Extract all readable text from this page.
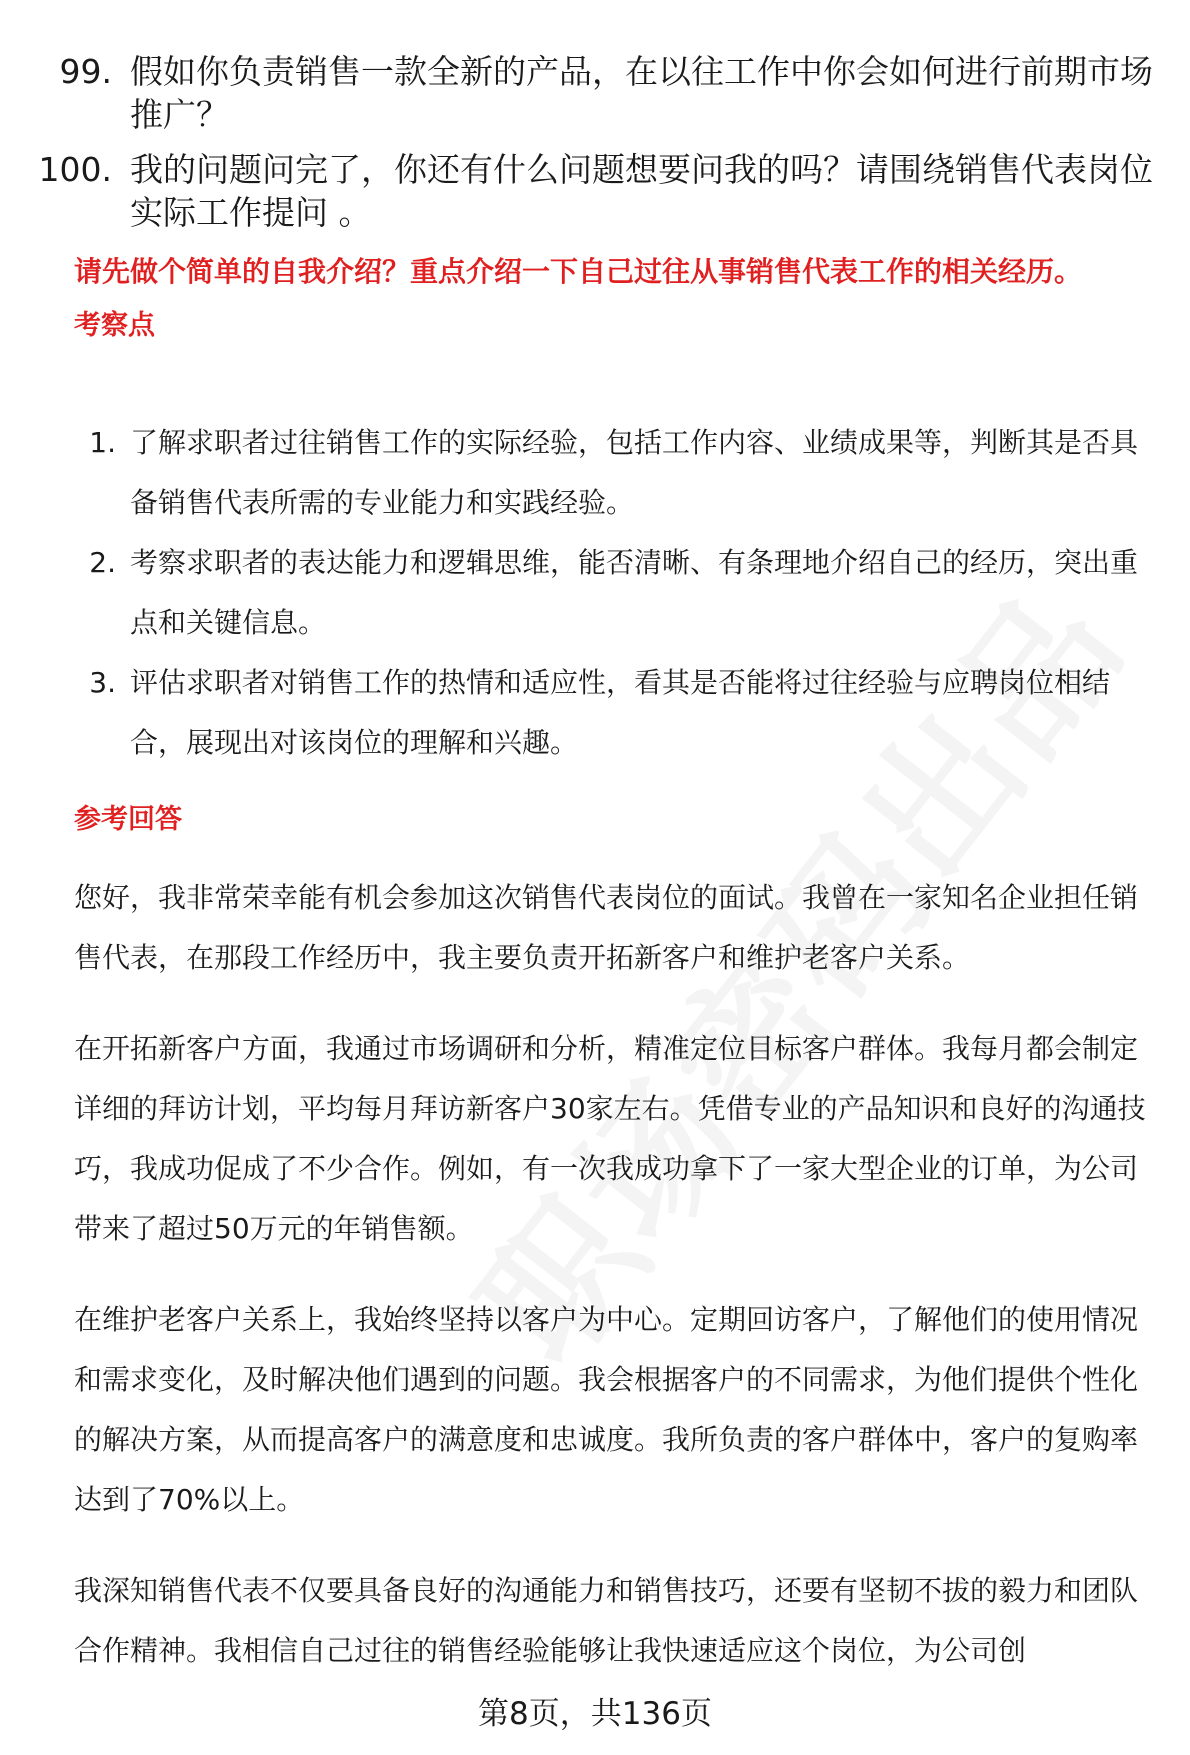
99. 假如你负责销售一款全新的产品，在以往工作中你会如何进行前期市场推广？
100. 我的问题问完了，你还有什么问题想要问我的吗？请围绕销售代表岗位实际工作提问 。
请先做个简单的自我介绍？重点介绍一下自己过往从事销售代表工作的相关经历。
考察点
1. 了解求职者过往销售工作的实际经验，包括工作内容、业绩成果等，判断其是否具备销售代表所需的专业能力和实践经验。
2. 考察求职者的表达能力和逻辑思维，能否清晰、有条理地介绍自己的经历，突出重点和关键信息。
3. 评估求职者对销售工作的热情和适应性，看其是否能将过往经验与应聘岗位相结合，展现出对该岗位的理解和兴趣。
参考回答

您好，我非常荣幸能有机会参加这次销售代表岗位的面试。我曾在一家知名企业担任销售代表，在那段工作经历中，我主要负责开拓新客户和维护老客户关系。

在开拓新客户方面，我通过市场调研和分析，精准定位目标客户群体。我每月都会制定详细的拜访计划，平均每月拜访新客户30家左右。凭借专业的产品知识和良好的沟通技巧，我成功促成了不少合作。例如，有一次我成功拿下了一家大型企业的订单，为公司带来了超过50万元的年销售额。

在维护老客户关系上，我始终坚持以客户为中心。定期回访客户，了解他们的使用情况和需求变化，及时解决他们遇到的问题。我会根据客户的不同需求，为他们提供个性化的解决方案，从而提高客户的满意度和忠诚度。我所负责的客户群体中，客户的复购率达到了70%以上。

我深知销售代表不仅要具备良好的沟通能力和销售技巧，还要有坚韧不拔的毅力和团队合作精神。我相信自己过往的销售经验能够让我快速适应这个岗位，为公司创

第8页，共136页
